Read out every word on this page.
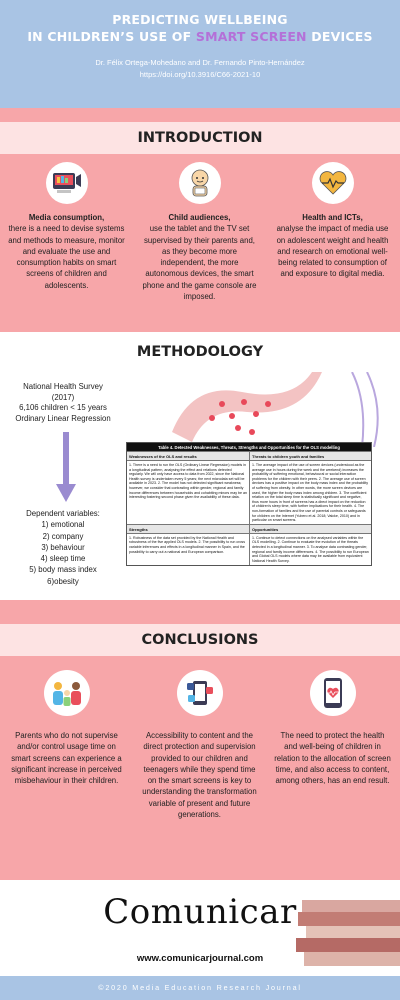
PREDICTING WELLBEING
IN CHILDREN’S USE OF SMART SCREEN DEVICES
Dr. Félix Ortega-Mohedano and Dr. Fernando Pinto-Hernández
https://doi.org/10.3916/C66-2021-10
INTRODUCTION
Media consumption,
there is a need to devise systems and methods to measure, monitor and evaluate the use and consumption habits on smart screens of children and adolescents.
Child audiences,
use the tablet and the TV set supervised by their parents and, as they become more independent, the more autonomous devices, the smart phone and the game console are imposed.
Health and ICTs,
analyse the impact of media use on adolescent weight and health and research on emotional well-being related to consumption of and exposure to digital media.
METHODOLOGY
National Health Survey
(2017)
6,106 children < 15 years
Ordinary Linear Regression
Dependent variables:
1) emotional
2) company
3) behaviour
4) sleep time
5) body mass index
6)obesity
Table 4. Detected Weaknesses, Threats, Strengths and Opportunities for the OLS modelling
Weaknesses of the OLS and results	Threats to children youth and families
1. There is a need to run the OLS (Ordinary Linear Regression) models in a longitudinal pattern, analysing the effect and relations detected regularly. We will only have access to data from 2022, since the National Health survey is undertaken every 5 years; the next microdata set will be available in 2023. 2. The model has not detected significant weakness; however, we consider that contrasting within gender, regional and family income differences between households and cohabiting minors may be an interesting fostering second phase given the availability of these data.
1. The average impact of the use of screen devices (understood as the average use in hours during the week and the weekend) increases the probability of suffering emotional, behavioural or social interaction problems for the children with their peers. 2. The average use of screen devices has a positive impact on the body mass index and the probability of suffering from obesity. In other words, the more screen devices are used, the higher the body mass index among children. 3. The coefficient relation on the total sleep time is statistically significant and negative, thus more hours in front of screens has a direct impact on the reduction of children's sleep time, with further implications for their health. 4. The non-formation of families and the use of parental controls or safeguards for children on the Internet (Yubero et al. 2018; Valcke, 2010) and in particular on smart screens.
Strengths	Opportunities
1. Robustness of the data set provided by the National Health and robustness of the five applied OLS models. 2. The possibility to run cross variable inferences and effects in a longitudinal manner in Spain, and the possibility to carry out a national and European comparison.
1. Continue to detect connections on the analysed variables within the OLS modelling. 2. Continue to evaluate the evolution of the threats detected in a longitudinal manner. 3. To analyse data contrasting gender, regional and family income differences. 4. The possibility to run European and Global OLS models where data may be available from equivalent National Health Survey.
CONCLUSIONS
Parents who do not supervise and/or control usage time on smart screens can experience a significant increase in perceived misbehaviour in their children.
Accessibility to content and the direct protection and supervision provided to our children and teenagers while they spend time on the smart screens is key to understanding the transformation variable of present and future generations.
The need to protect the health and well-being of children in relation to the allocation of screen time, and also access to content, among others, has an end result.
Comunicar
www.comunicarjournal.com
©2020 Media Education Research Journal
